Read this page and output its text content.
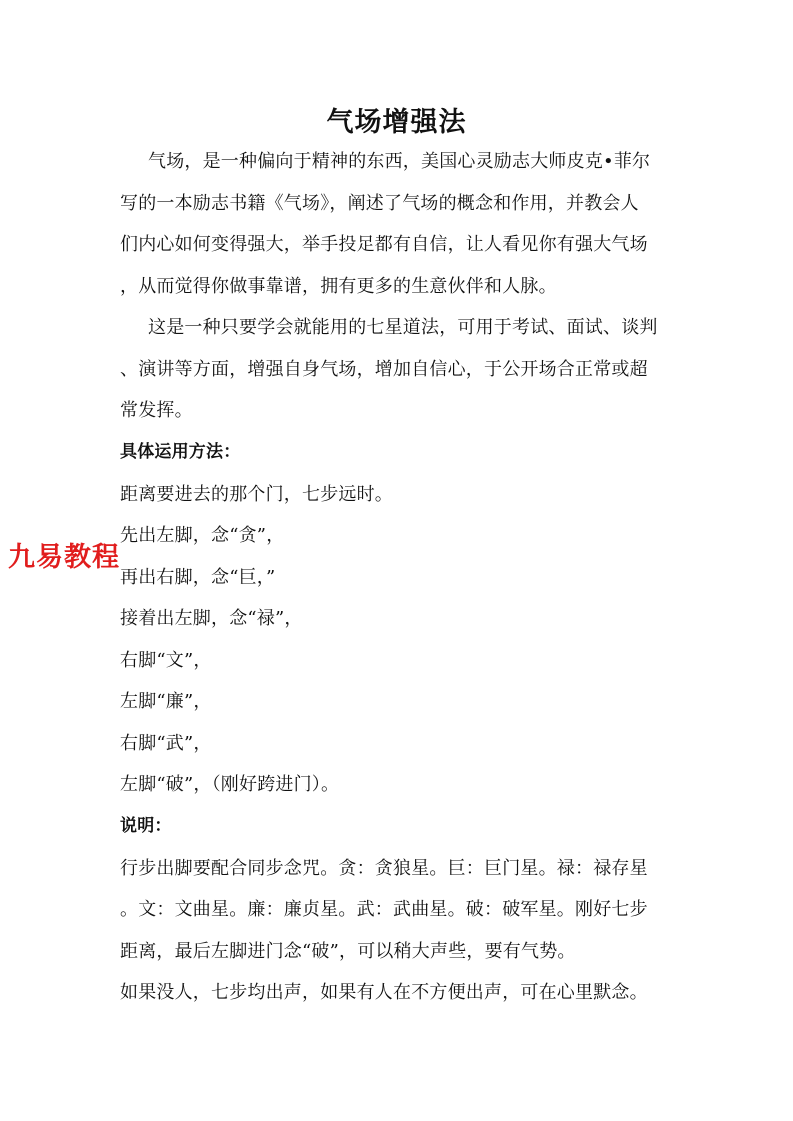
气场增强法
气场，是一种偏向于精神的东西，美国心灵励志大师皮克•菲尔
写的一本励志书籍《气场》，阐述了气场的概念和作用，并教会人
们内心如何变得强大，举手投足都有自信，让人看见你有强大气场
，从而觉得你做事靠谱，拥有更多的生意伙伴和人脉。
这是一种只要学会就能用的七星道法，可用于考试、面试、谈判
、演讲等方面，增强自身气场，增加自信心，于公开场合正常或超
常发挥。
具体运用方法：
距离要进去的那个门，七步远时。
先出左脚，念“贪”，
再出右脚，念“巨，”
接着出左脚，念“禄”，
右脚“文”，
左脚“廉”，
右脚“武”，
左脚“破”，（刚好跨进门）。
说明：
行步出脚要配合同步念咒。贪：贪狼星。巨：巨门星。禄：禄存星
。文：文曲星。廉：廉贞星。武：武曲星。破：破军星。刚好七步
距离，最后左脚进门念“破”，可以稍大声些，要有气势。
如果没人，七步均出声，如果有人在不方便出声，可在心里默念。
九易教程
